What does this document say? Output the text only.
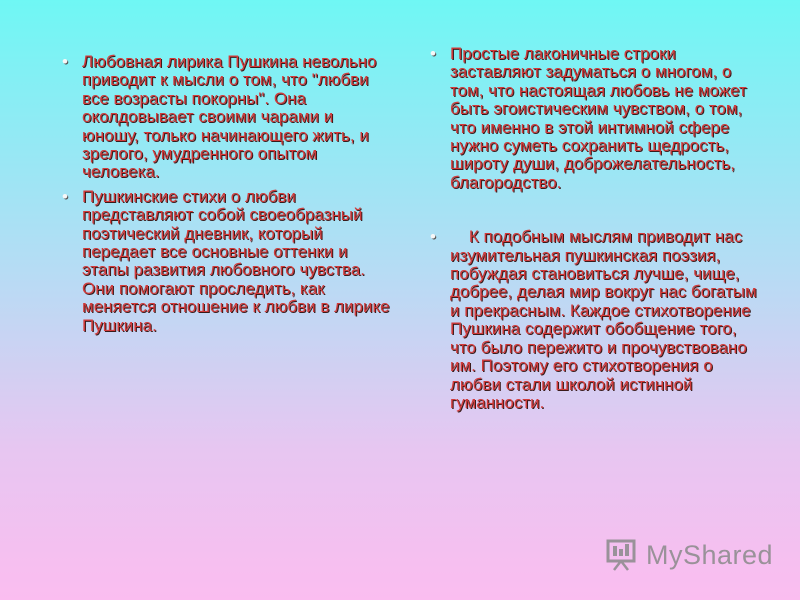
• Любовная лирика Пушкина невольно приводит к мысли о том, что "любви все возрасты покорны". Она околдовывает своими чарами и юношу, только начинающего жить, и зрелого, умудренного опытом человека.
• Пушкинские стихи о любви представляют собой своеобразный поэтический дневник, который передает все основные оттенки и этапы развития любовного чувства. Они помогают проследить, как меняется отношение к любви в лирике Пушкина.
• Простые лаконичные строки заставляют задуматься о многом, о том, что настоящая любовь не может быть эгоистическим чувством, о том, что именно в этой интимной сфере нужно суметь сохранить щедрость, широту души, доброжелательность, благородство.
• К подобным мыслям приводит нас изумительная пушкинская поэзия, побуждая становиться лучше, чище, добрее, делая мир вокруг нас богатым и прекрасным. Каждое стихотворение Пушкина содержит обобщение того, что было пережито и прочувствовано им. Поэтому его стихотворения о любви стали школой истинной гуманности.
MyShared
